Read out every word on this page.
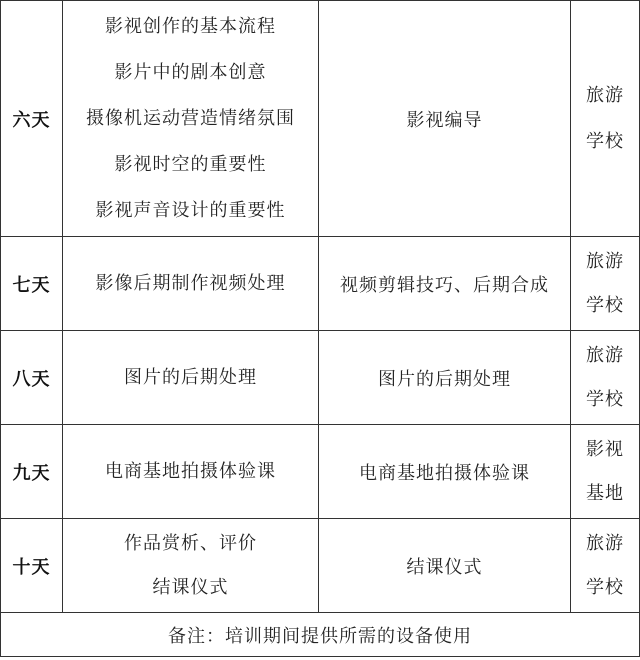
六天	影视创作的基本流程
影片中的剧本创意
摄像机运动营造情绪氛围
影视时空的重要性
影视声音设计的重要性	影视编导	旅游
学校

七天	影像后期制作视频处理	视频剪辑技巧、后期合成	旅游
学校

八天	图片的后期处理	图片的后期处理	旅游
学校

九天	电商基地拍摄体验课	电商基地拍摄体验课	影视
基地

十天	作品赏析、评价
结课仪式	结课仪式	旅游
学校

备注：培训期间提供所需的设备使用			
